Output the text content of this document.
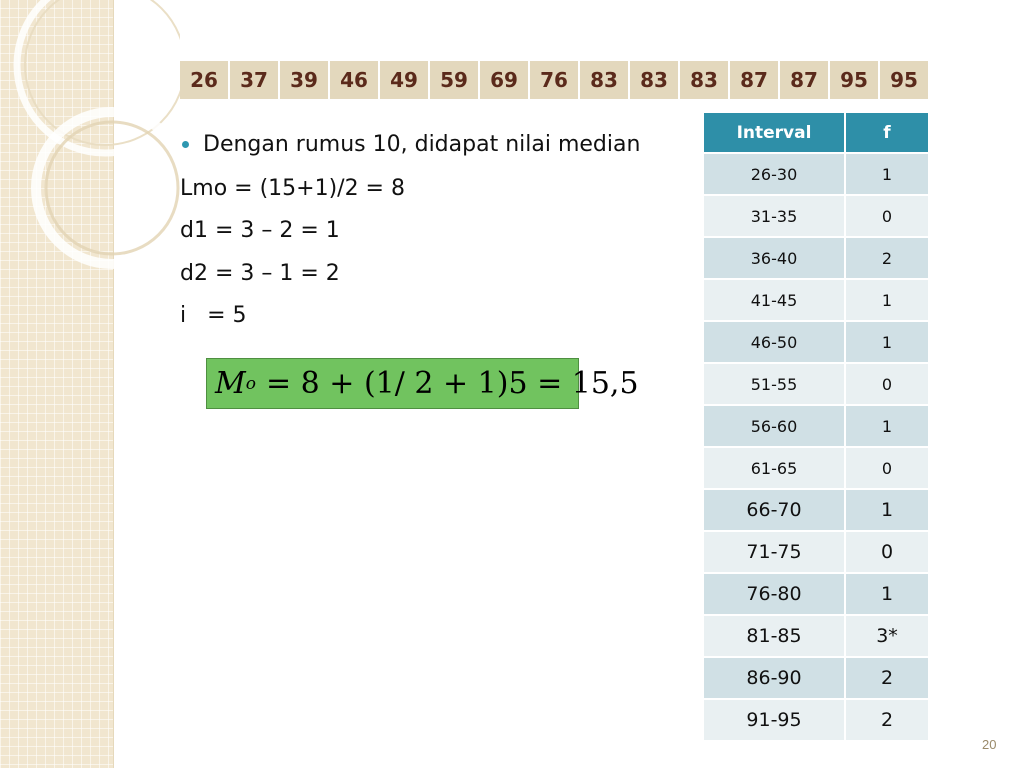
26	37	39	46	49	59	69	76	83	83	83	87	87	95	95
Dengan rumus 10, didapat nilai median
Lmo = (15+1)/2 = 8
d1 = 3 – 2 = 1
d2 = 3 – 1 = 2
i   = 5
M o = 8 + (1/ 2 + 1)5 = 15,5
Interval	f
26-30	1
31-35	0
36-40	2
41-45	1
46-50	1
51-55	0
56-60	1
61-65	0
66-70	1
71-75	0
76-80	1
81-85	3*
86-90	2
91-95	2
20
